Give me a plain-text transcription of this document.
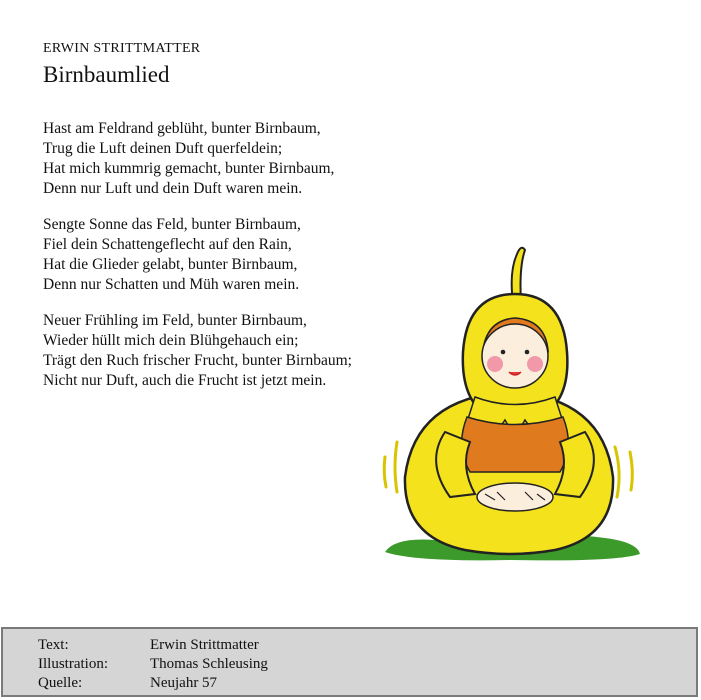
ERWIN STRITTMATTER
Birnbaumlied
Hast am Feldrand geblüht, bunter Birnbaum,
Trug die Luft deinen Duft querfeldein;
Hat mich kummrig gemacht, bunter Birnbaum,
Denn nur Luft und dein Duft waren mein.
Sengte Sonne das Feld, bunter Birnbaum,
Fiel dein Schattengeflecht auf den Rain,
Hat die Glieder gelabt, bunter Birnbaum,
Denn nur Schatten und Müh waren mein.
Neuer Frühling im Feld, bunter Birnbaum,
Wieder hüllt mich dein Blühgehauch ein;
Trägt den Ruch frischer Frucht, bunter Birnbaum;
Nicht nur Duft, auch die Frucht ist jetzt mein.
Text:	Erwin Strittmatter
Illustration:	Thomas Schleusing
Quelle:	Neujahr 57
